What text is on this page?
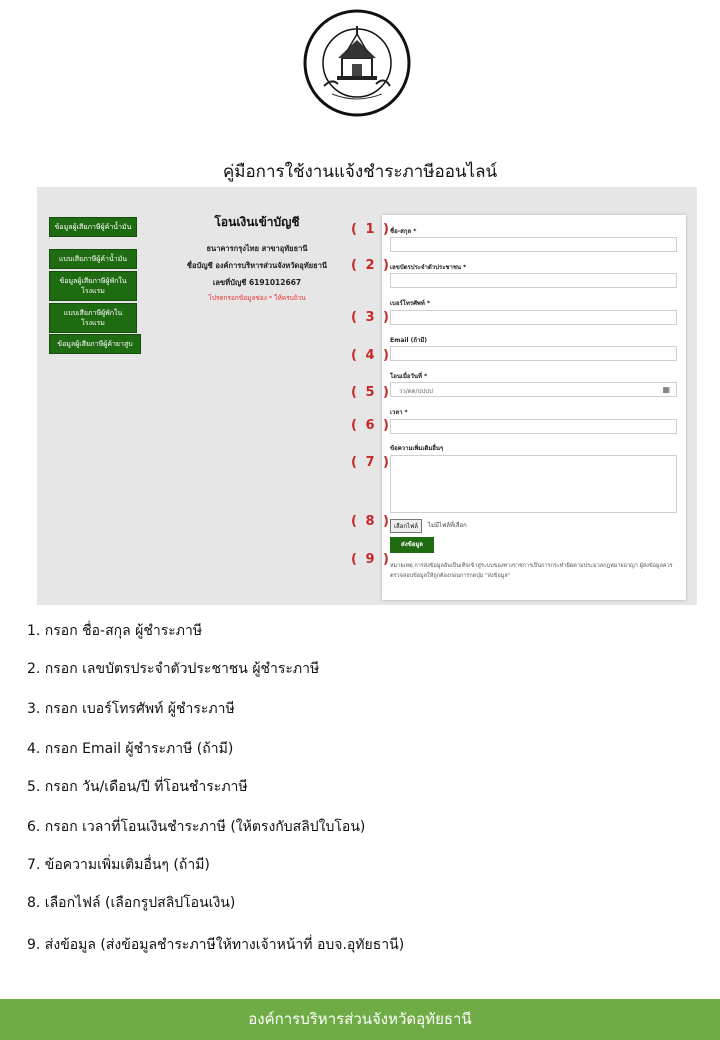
คู่มือการใช้งานแจ้งชำระภาษีออนไลน์
ข้อมูลผู้เสียภาษีผู้ค้าน้ำมัน
แบบเสียภาษีผู้ค้าน้ำมัน
ข้อมูลผู้เสียภาษีผู้พักในโรงแรม
แบบเสียภาษีผู้พักในโรงแรม
ข้อมูลผู้เสียภาษีผู้ค้ายาสูบ
โอนเงินเข้าบัญชี
ธนาคารกรุงไทย สาขาอุทัยธานี
ชื่อบัญชี องค์การบริหารส่วนจังหวัดอุทัยธานี
เลขที่บัญชี 6191012667
โปรดกรอกข้อมูลช่อง * ให้ครบถ้วน
ชื่อ-สกุล *
เลขบัตรประจำตัวประชาชน *
เบอร์โทรศัพท์ *
Email (ถ้ามี)
โอนเมื่อวันที่ *
วว/ดด/ปปปป	▦
เวลา *
ข้อความเพิ่มเติมอื่นๆ
เลือกไฟล์	ไม่มีไฟล์ที่เลือก
ส่งข้อมูล
หมายเหตุ การส่งข้อมูลอันเป็นเท็จเข้าสู่ระบบของทางราชการเป็นการกระทำผิดตามประมวลกฎหมายอาญา ผู้ส่งข้อมูลควรตรวจสอบข้อมูลให้ถูกต้องก่อนการกดปุ่ม "ส่งข้อมูล"
( 1 )
( 2 )
( 3 )
( 4 )
( 5 )
( 6 )
( 7 )
( 8 )
( 9 )
1. กรอก ชื่อ-สกุล ผู้ชำระภาษี
2. กรอก เลขบัตรประจำตัวประชาชน ผู้ชำระภาษี
3. กรอก เบอร์โทรศัพท์ ผู้ชำระภาษี
4. กรอก Email ผู้ชำระภาษี (ถ้ามี)
5. กรอก วัน/เดือน/ปี ที่โอนชำระภาษี
6. กรอก เวลาที่โอนเงินชำระภาษี (ให้ตรงกับสลิปใบโอน)
7. ข้อความเพิ่มเติมอื่นๆ (ถ้ามี)
8. เลือกไฟล์ (เลือกรูปสลิปโอนเงิน)
9. ส่งข้อมูล (ส่งข้อมูลชำระภาษีให้ทางเจ้าหน้าที่ อบจ.อุทัยธานี)
องค์การบริหารส่วนจังหวัดอุทัยธานี
